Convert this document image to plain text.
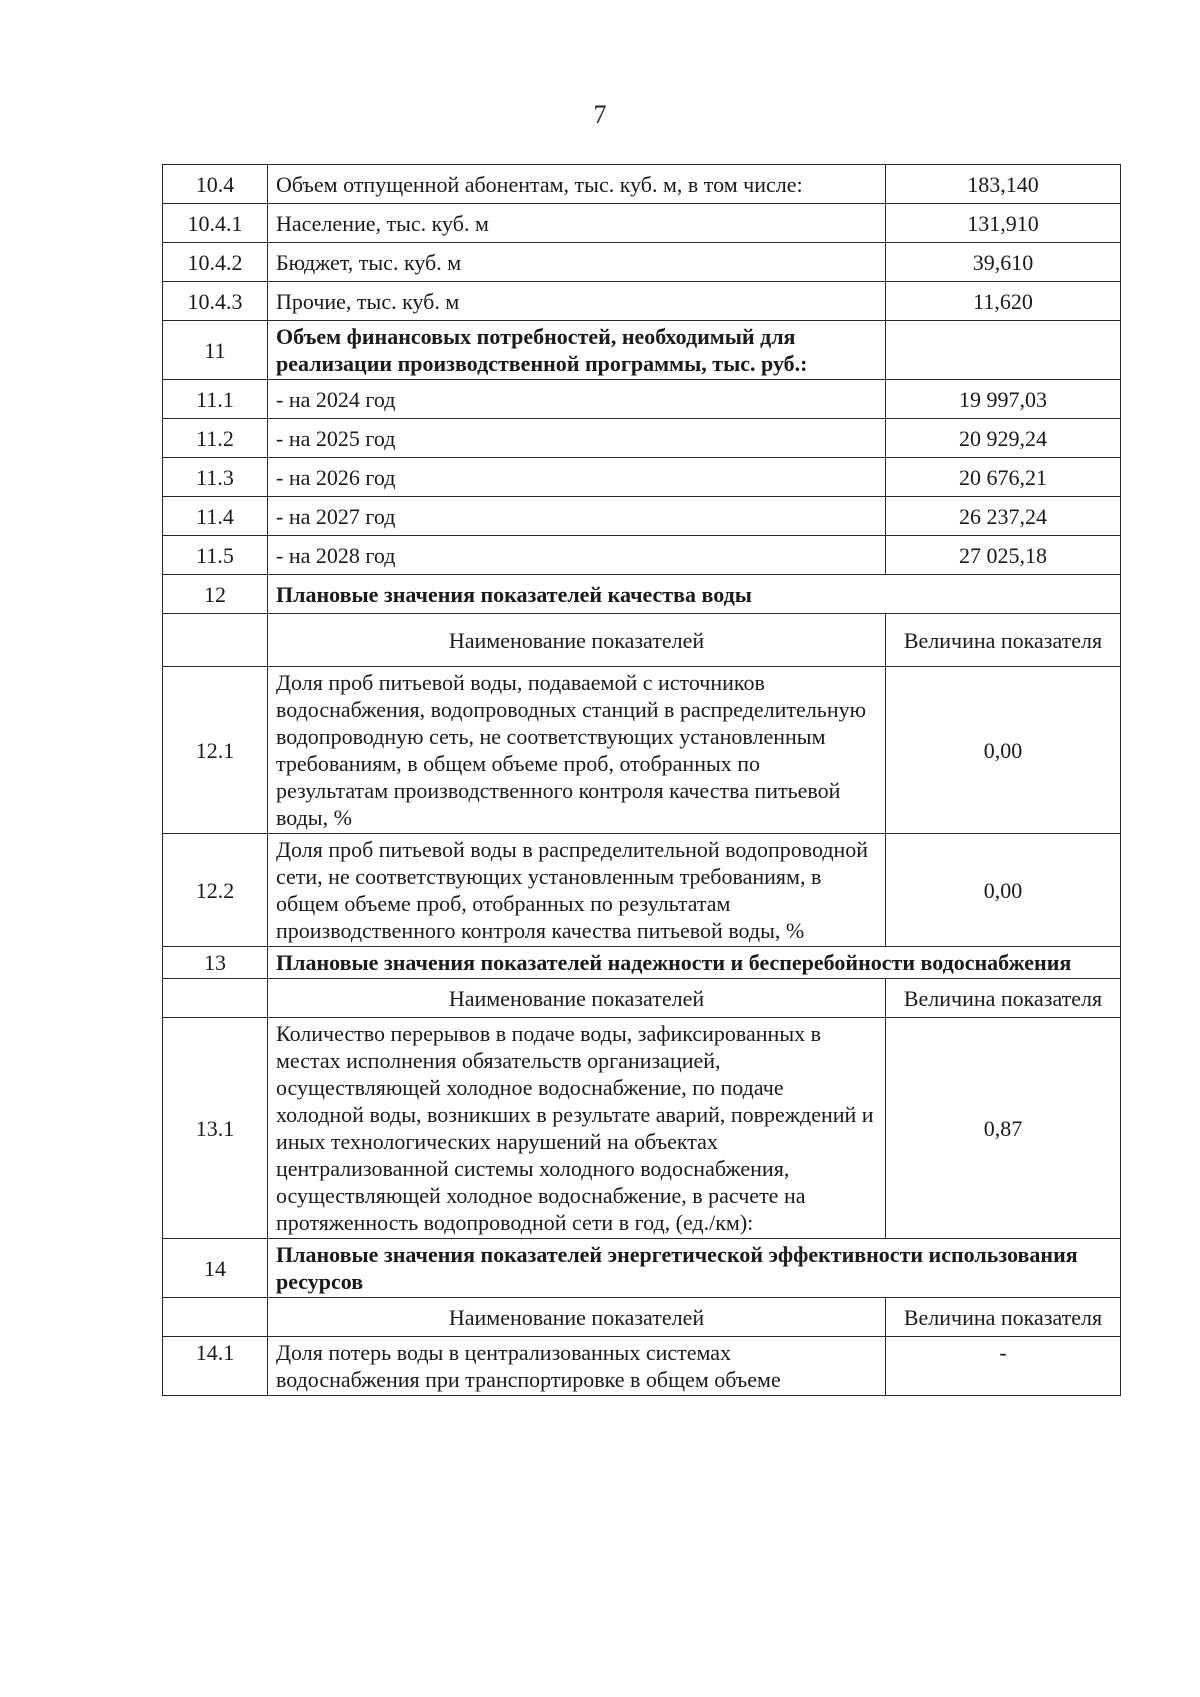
7
10.4	Объем отпущенной абонентам, тыс. куб. м, в том числе:	183,140
10.4.1	Население, тыс. куб. м	131,910
10.4.2	Бюджет, тыс. куб. м	39,610
10.4.3	Прочие, тыс. куб. м	11,620
11	Объем финансовых потребностей, необходимый для реализации производственной программы, тыс. руб.:	
11.1	- на 2024 год	19 997,03
11.2	- на 2025 год	20 929,24
11.3	- на 2026 год	20 676,21
11.4	- на 2027 год	26 237,24
11.5	- на 2028 год	27 025,18
12	Плановые значения показателей качества воды	
	Наименование показателей	Величина показателя
12.1	Доля проб питьевой воды, подаваемой с источников водоснабжения, водопроводных станций в распределительную водопроводную сеть, не соответствующих установленным требованиям, в общем объеме проб, отобранных по результатам производственного контроля качества питьевой воды, %	0,00
12.2	Доля проб питьевой воды в распределительной водопроводной сети, не соответствующих установленным требованиям, в общем объеме проб, отобранных по результатам производственного контроля качества питьевой воды, %	0,00
13	Плановые значения показателей надежности и бесперебойности водоснабжения	
	Наименование показателей	Величина показателя
13.1	Количество перерывов в подаче воды, зафиксированных в местах исполнения обязательств организацией, осуществляющей холодное водоснабжение, по подаче холодной воды, возникших в результате аварий, повреждений и иных технологических нарушений на объектах централизованной системы холодного водоснабжения, осуществляющей холодное водоснабжение, в расчете на протяженность водопроводной сети в год, (ед./км):	0,87
14	Плановые значения показателей энергетической эффективности использования ресурсов	
	Наименование показателей	Величина показателя
14.1	Доля потерь воды в централизованных системах водоснабжения при транспортировке в общем объеме	-
